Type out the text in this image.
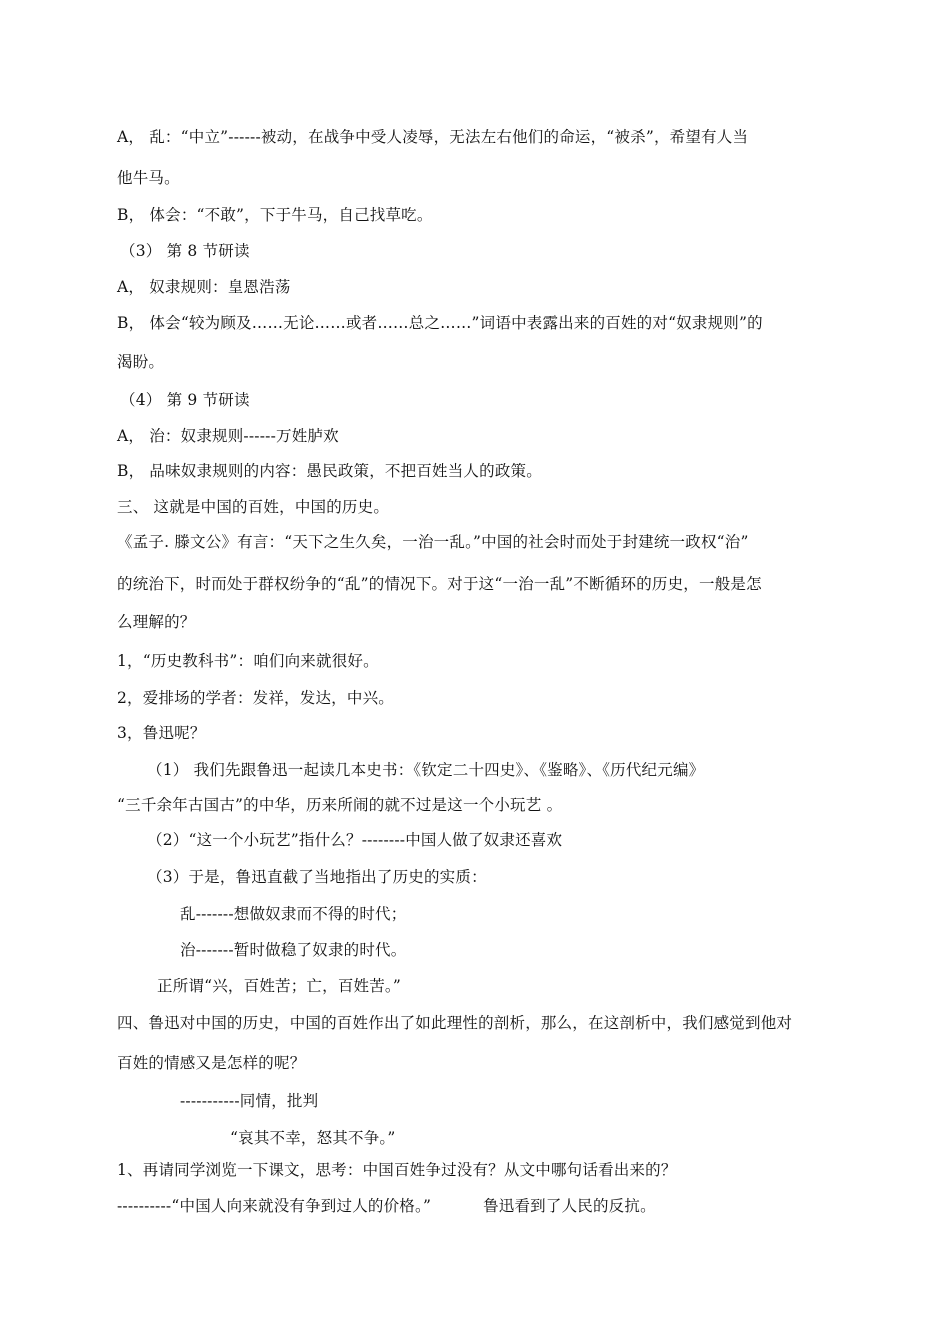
A， 乱：“中立”------被动，在战争中受人凌辱，无法左右他们的命运，“被杀”，希望有人当
他牛马。
B， 体会：“不敢”，下于牛马，自己找草吃。
（3） 第 8 节研读
A， 奴隶规则：皇恩浩荡
B， 体会“较为顾及……无论……或者……总之……”词语中表露出来的百姓的对“奴隶规则”的
渴盼。
（4） 第 9 节研读
A， 治：奴隶规则------万姓胪欢
B， 品味奴隶规则的内容：愚民政策，不把百姓当人的政策。
三、 这就是中国的百姓，中国的历史。
《孟子. 滕文公》有言：“天下之生久矣，一治一乱。”中国的社会时而处于封建统一政权“治”
的统治下，时而处于群权纷争的“乱”的情况下。对于这“一治一乱”不断循环的历史，一般是怎
么理解的？
1，“历史教科书”：咱们向来就很好。
2，爱排场的学者：发祥，发达，中兴。
3，鲁迅呢？
（1） 我们先跟鲁迅一起读几本史书：《钦定二十四史》、《鉴略》、《历代纪元编》
“三千余年古国古”的中华，历来所闹的就不过是这一个小玩艺 。
（2）“这一个小玩艺”指什么？--------中国人做了奴隶还喜欢
（3）于是，鲁迅直截了当地指出了历史的实质：
乱-------想做奴隶而不得的时代；
治-------暂时做稳了奴隶的时代。
正所谓“兴，百姓苦；亡，百姓苦。”
四、鲁迅对中国的历史，中国的百姓作出了如此理性的剖析，那么，在这剖析中，我们感觉到他对
百姓的情感又是怎样的呢？
-----------同情，批判
“哀其不幸，怒其不争。”
1、再请同学浏览一下课文，思考：中国百姓争过没有？从文中哪句话看出来的？
----------“中国人向来就没有争到过人的价格。”	鲁迅看到了人民的反抗。
